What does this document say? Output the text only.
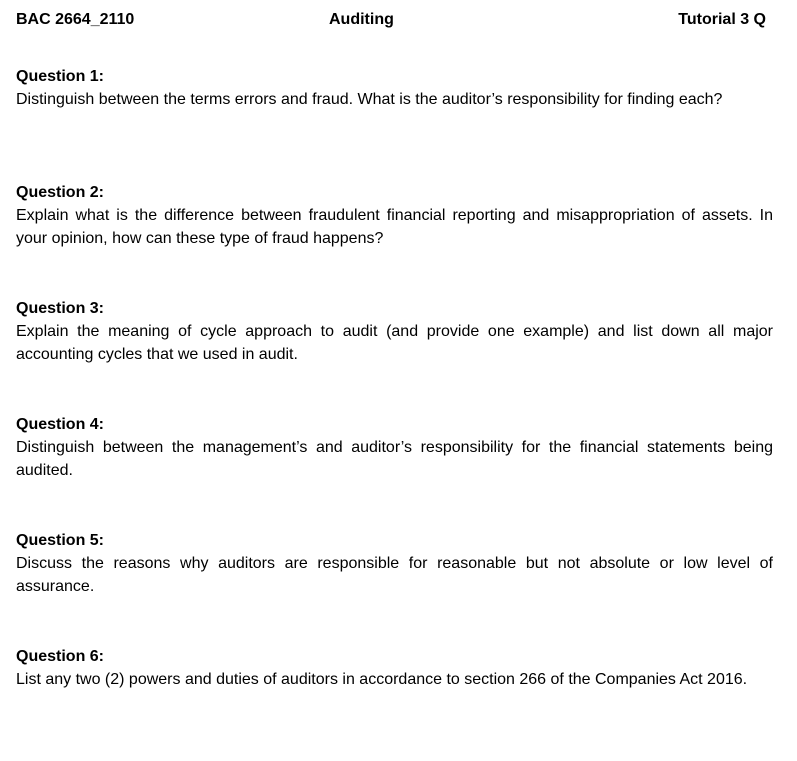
BAC 2664_2110	Auditing	Tutorial 3 Q
Question 1:
Distinguish between the terms errors and fraud. What is the auditor’s responsibility for finding each?
Question 2:
Explain what is the difference between fraudulent financial reporting and misappropriation of assets. In your opinion, how can these type of fraud happens?
Question 3:
Explain the meaning of cycle approach to audit (and provide one example) and list down all major accounting cycles that we used in audit.
Question 4:
Distinguish between the management’s and auditor’s responsibility for the financial statements being audited.
Question 5:
Discuss the reasons why auditors are responsible for reasonable but not absolute or low level of assurance.
Question 6:
List any two (2) powers and duties of auditors in accordance to section 266 of the Companies Act 2016.
